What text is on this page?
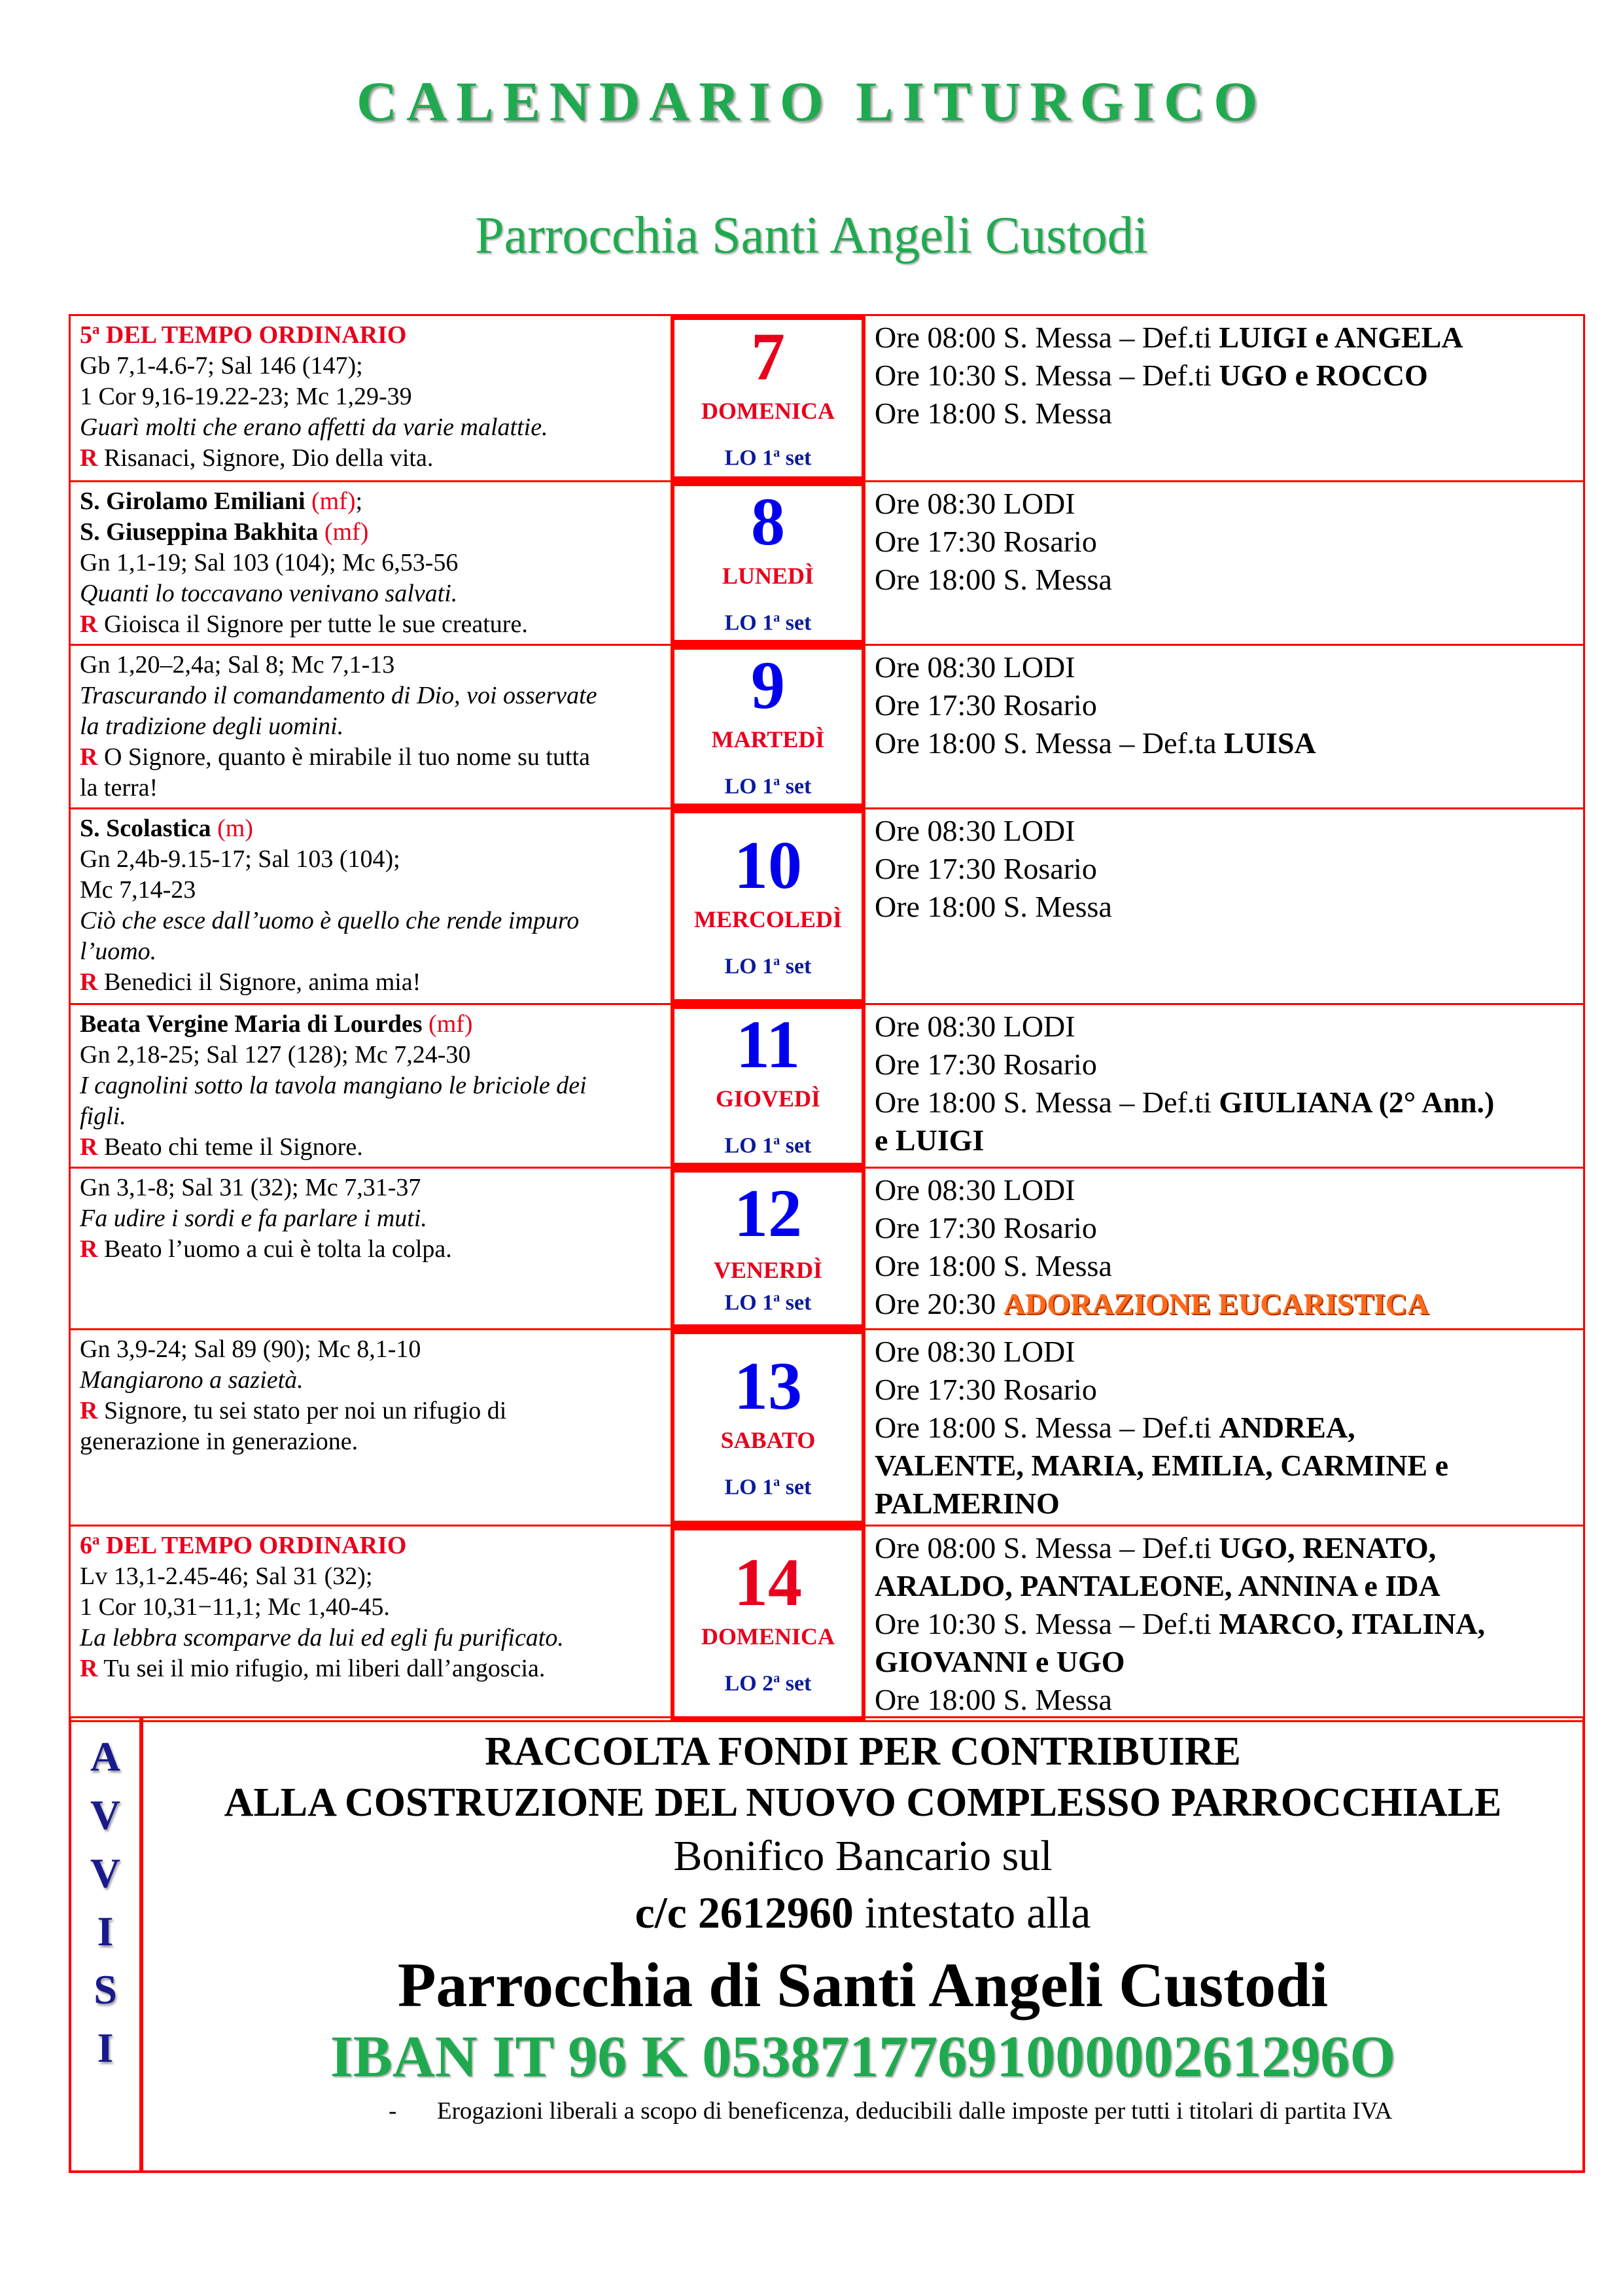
CALENDARIO LITURGICO
Parrocchia Santi Angeli Custodi
5$^a$ DEL TEMPO ORDINARIO
Gb 7,1-4.6-7; Sal 146 (147);
1 Cor 9,16-19.22-23; Mc 1,29-39
Guarì molti che erano affetti da varie malattie.
R Risanaci, Signore, Dio della vita.
7
DOMENICA
LO 1$^a$ set
Ore 08:00 S. Messa – Def.ti LUIGI e ANGELA
Ore 10:30 S. Messa – Def.ti UGO e ROCCO
Ore 18:00 S. Messa
S. Girolamo Emiliani (mf);
S. Giuseppina Bakhita (mf)
Gn 1,1-19; Sal 103 (104); Mc 6,53-56
Quanti lo toccavano venivano salvati.
R Gioisca il Signore per tutte le sue creature.
8
LUNEDÌ
LO 1$^a$ set
Ore 08:30 LODI
Ore 17:30 Rosario
Ore 18:00 S. Messa
Gn 1,20–2,4a; Sal 8; Mc 7,1-13
Trascurando il comandamento di Dio, voi osservate
la tradizione degli uomini.
R O Signore, quanto è mirabile il tuo nome su tutta
la terra!
9
MARTEDÌ
LO 1$^a$ set
Ore 08:30 LODI
Ore 17:30 Rosario
Ore 18:00 S. Messa – Def.ta LUISA
S. Scolastica (m)
Gn 2,4b-9.15-17; Sal 103 (104);
Mc 7,14-23
Ciò che esce dall’uomo è quello che rende impuro
l’uomo.
R Benedici il Signore, anima mia!
10
MERCOLEDÌ
LO 1$^a$ set
Ore 08:30 LODI
Ore 17:30 Rosario
Ore 18:00 S. Messa
Beata Vergine Maria di Lourdes (mf)
Gn 2,18-25; Sal 127 (128); Mc 7,24-30
I cagnolini sotto la tavola mangiano le briciole dei
figli.
R Beato chi teme il Signore.
11
GIOVEDÌ
LO 1$^a$ set
Ore 08:30 LODI
Ore 17:30 Rosario
Ore 18:00 S. Messa – Def.ti GIULIANA (2° Ann.)
e LUIGI
Gn 3,1-8; Sal 31 (32); Mc 7,31-37
Fa udire i sordi e fa parlare i muti.
R Beato l’uomo a cui è tolta la colpa.	12
VENERDÌ
LO 1$^a$ set
Ore 08:30 LODI
Ore 17:30 Rosario
Ore 18:00 S. Messa
Ore 20:30 ADORAZIONE EUCARISTICA
Gn 3,9-24; Sal 89 (90); Mc 8,1-10
Mangiarono a sazietà.
R Signore, tu sei stato per noi un rifugio di
generazione in generazione.
13
SABATO
LO 1$^a$ set
Ore 08:30 LODI
Ore 17:30 Rosario
Ore 18:00 S. Messa – Def.ti ANDREA,
VALENTE, MARIA, EMILIA, CARMINE e
PALMERINO
6$^a$ DEL TEMPO ORDINARIO
Lv 13,1-2.45-46; Sal 31 (32);
1 Cor 10,31−11,1; Mc 1,40-45.
La lebbra scomparve da lui ed egli fu purificato.
R Tu sei il mio rifugio, mi liberi dall’angoscia.
14
DOMENICA
LO 2$^a$ set
Ore 08:00 S. Messa – Def.ti UGO, RENATO,
ARALDO, PANTALEONE, ANNINA e IDA
Ore 10:30 S. Messa – Def.ti MARCO, ITALINA,
GIOVANNI e UGO
Ore 18:00 S. Messa
A
V
V
I
S
I
RACCOLTA FONDI PER CONTRIBUIRE
ALLA COSTRUZIONE DEL NUOVO COMPLESSO PARROCCHIALE
Bonifico Bancario sul
c/c 2612960 intestato alla
Parrocchia di Santi Angeli Custodi
IBAN IT 96 K 0538717769100000261296O
- Erogazioni liberali a scopo di beneficenza, deducibili dalle imposte per tutti i titolari di partita IVA
